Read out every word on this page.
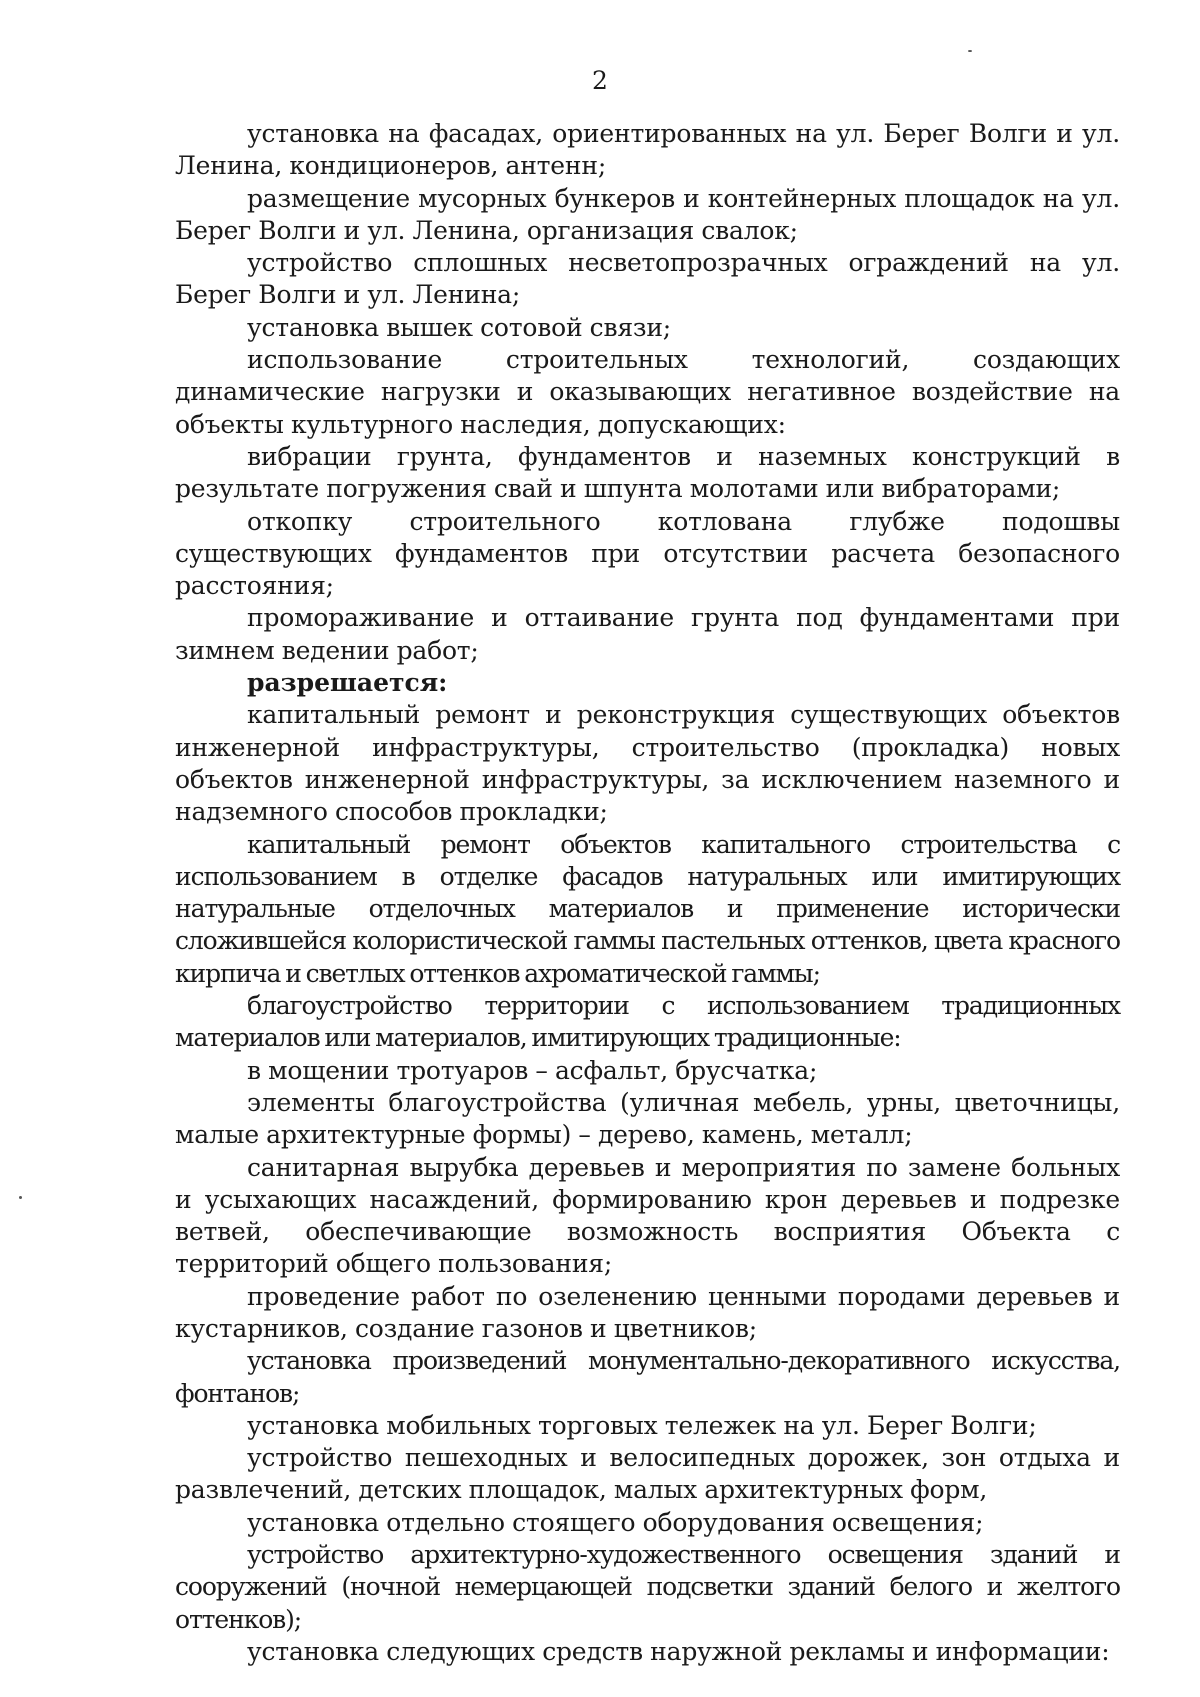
2

установка на фасадах, ориентированных на ул. Берег Волги и ул. Ленина, кондиционеров, антенн;

размещение мусорных бункеров и контейнерных площадок на ул. Берег Волги и ул. Ленина, организация свалок;

устройство сплошных несветопрозрачных ограждений на ул. Берег Волги и ул. Ленина;

установка вышек сотовой связи;

использование строительных технологий, создающих динамические нагрузки и оказывающих негативное воздействие на объекты культурного наследия, допускающих:

вибрации грунта, фундаментов и наземных конструкций в результате погружения свай и шпунта молотами или вибраторами;

откопку строительного котлована глубже подошвы существующих фундаментов при отсутствии расчета безопасного расстояния;

промораживание и оттаивание грунта под фундаментами при зимнем ведении работ;

разрешается:

капитальный ремонт и реконструкция существующих объектов инженерной инфраструктуры, строительство (прокладка) новых объектов инженерной инфраструктуры, за исключением наземного и надземного способов прокладки;

капитальный ремонт объектов капитального строительства с использованием в отделке фасадов натуральных или имитирующих натуральные отделочных материалов и применение исторически сложившейся колористической гаммы пастельных оттенков, цвета красного кирпича и светлых оттенков ахроматической гаммы;

благоустройство территории с использованием традиционных материалов или материалов, имитирующих традиционные:

в мощении тротуаров – асфальт, брусчатка;

элементы благоустройства (уличная мебель, урны, цветочницы, малые архитектурные формы) – дерево, камень, металл;

санитарная вырубка деревьев и мероприятия по замене больных и усыхающих насаждений, формированию крон деревьев и подрезке ветвей, обеспечивающие возможность восприятия Объекта с территорий общего пользования;

проведение работ по озеленению ценными породами деревьев и кустарников, создание газонов и цветников;

установка произведений монументально-декоративного искусства, фонтанов;

установка мобильных торговых тележек на ул. Берег Волги;

устройство пешеходных и велосипедных дорожек, зон отдыха и развлечений, детских площадок, малых архитектурных форм,

установка отдельно стоящего оборудования освещения;

устройство архитектурно-художественного освещения зданий и сооружений (ночной немерцающей подсветки зданий белого и желтого оттенков);

установка следующих средств наружной рекламы и информации:
